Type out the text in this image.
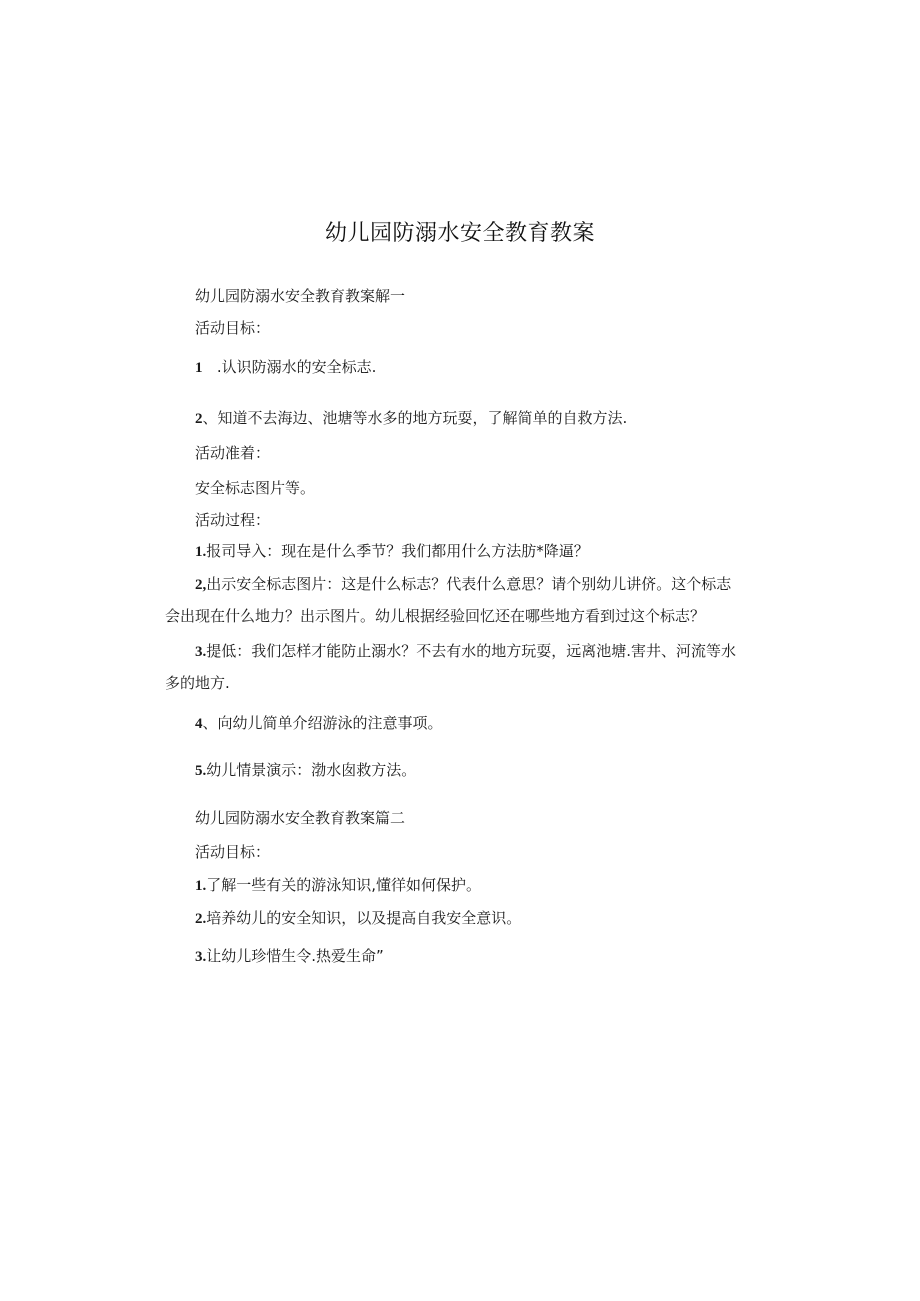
幼儿园防溺水安全教育教案
幼儿园防溺水安全教育教案解一
活动目标：
1 .认识防溺水的安全标志.
2、知道不去海边、池塘等水多的地方玩耍，了解简单的自救方法.
活动准着：
安全标志图片等。
活动过程：
1.报司导入：现在是什么季节？我们都用什么方法肪*降逼？
2,出示安全标志图片：这是什么标志？代表什么意思？请个别幼儿讲侪。这个标志
会出现在什么地力？出示图片。幼儿根据经验回忆还在哪些地方看到过这个标志？
3.提低：我们怎样才能防止溺水？不去有水的地方玩耍，远离池塘.害井、河流等水
多的地方.
4、向幼儿简单介绍游泳的注意事项。
5.幼儿情景演示：渤水囱救方法。
幼儿园防溺水安全教育教案篇二
活动目标：
1.了解一些有关的游泳知识,懂徉如何保护。
2.培养幼儿的安全知识，以及提高自我安全意识。
3.让幼儿珍惜生令.热爱生命”
